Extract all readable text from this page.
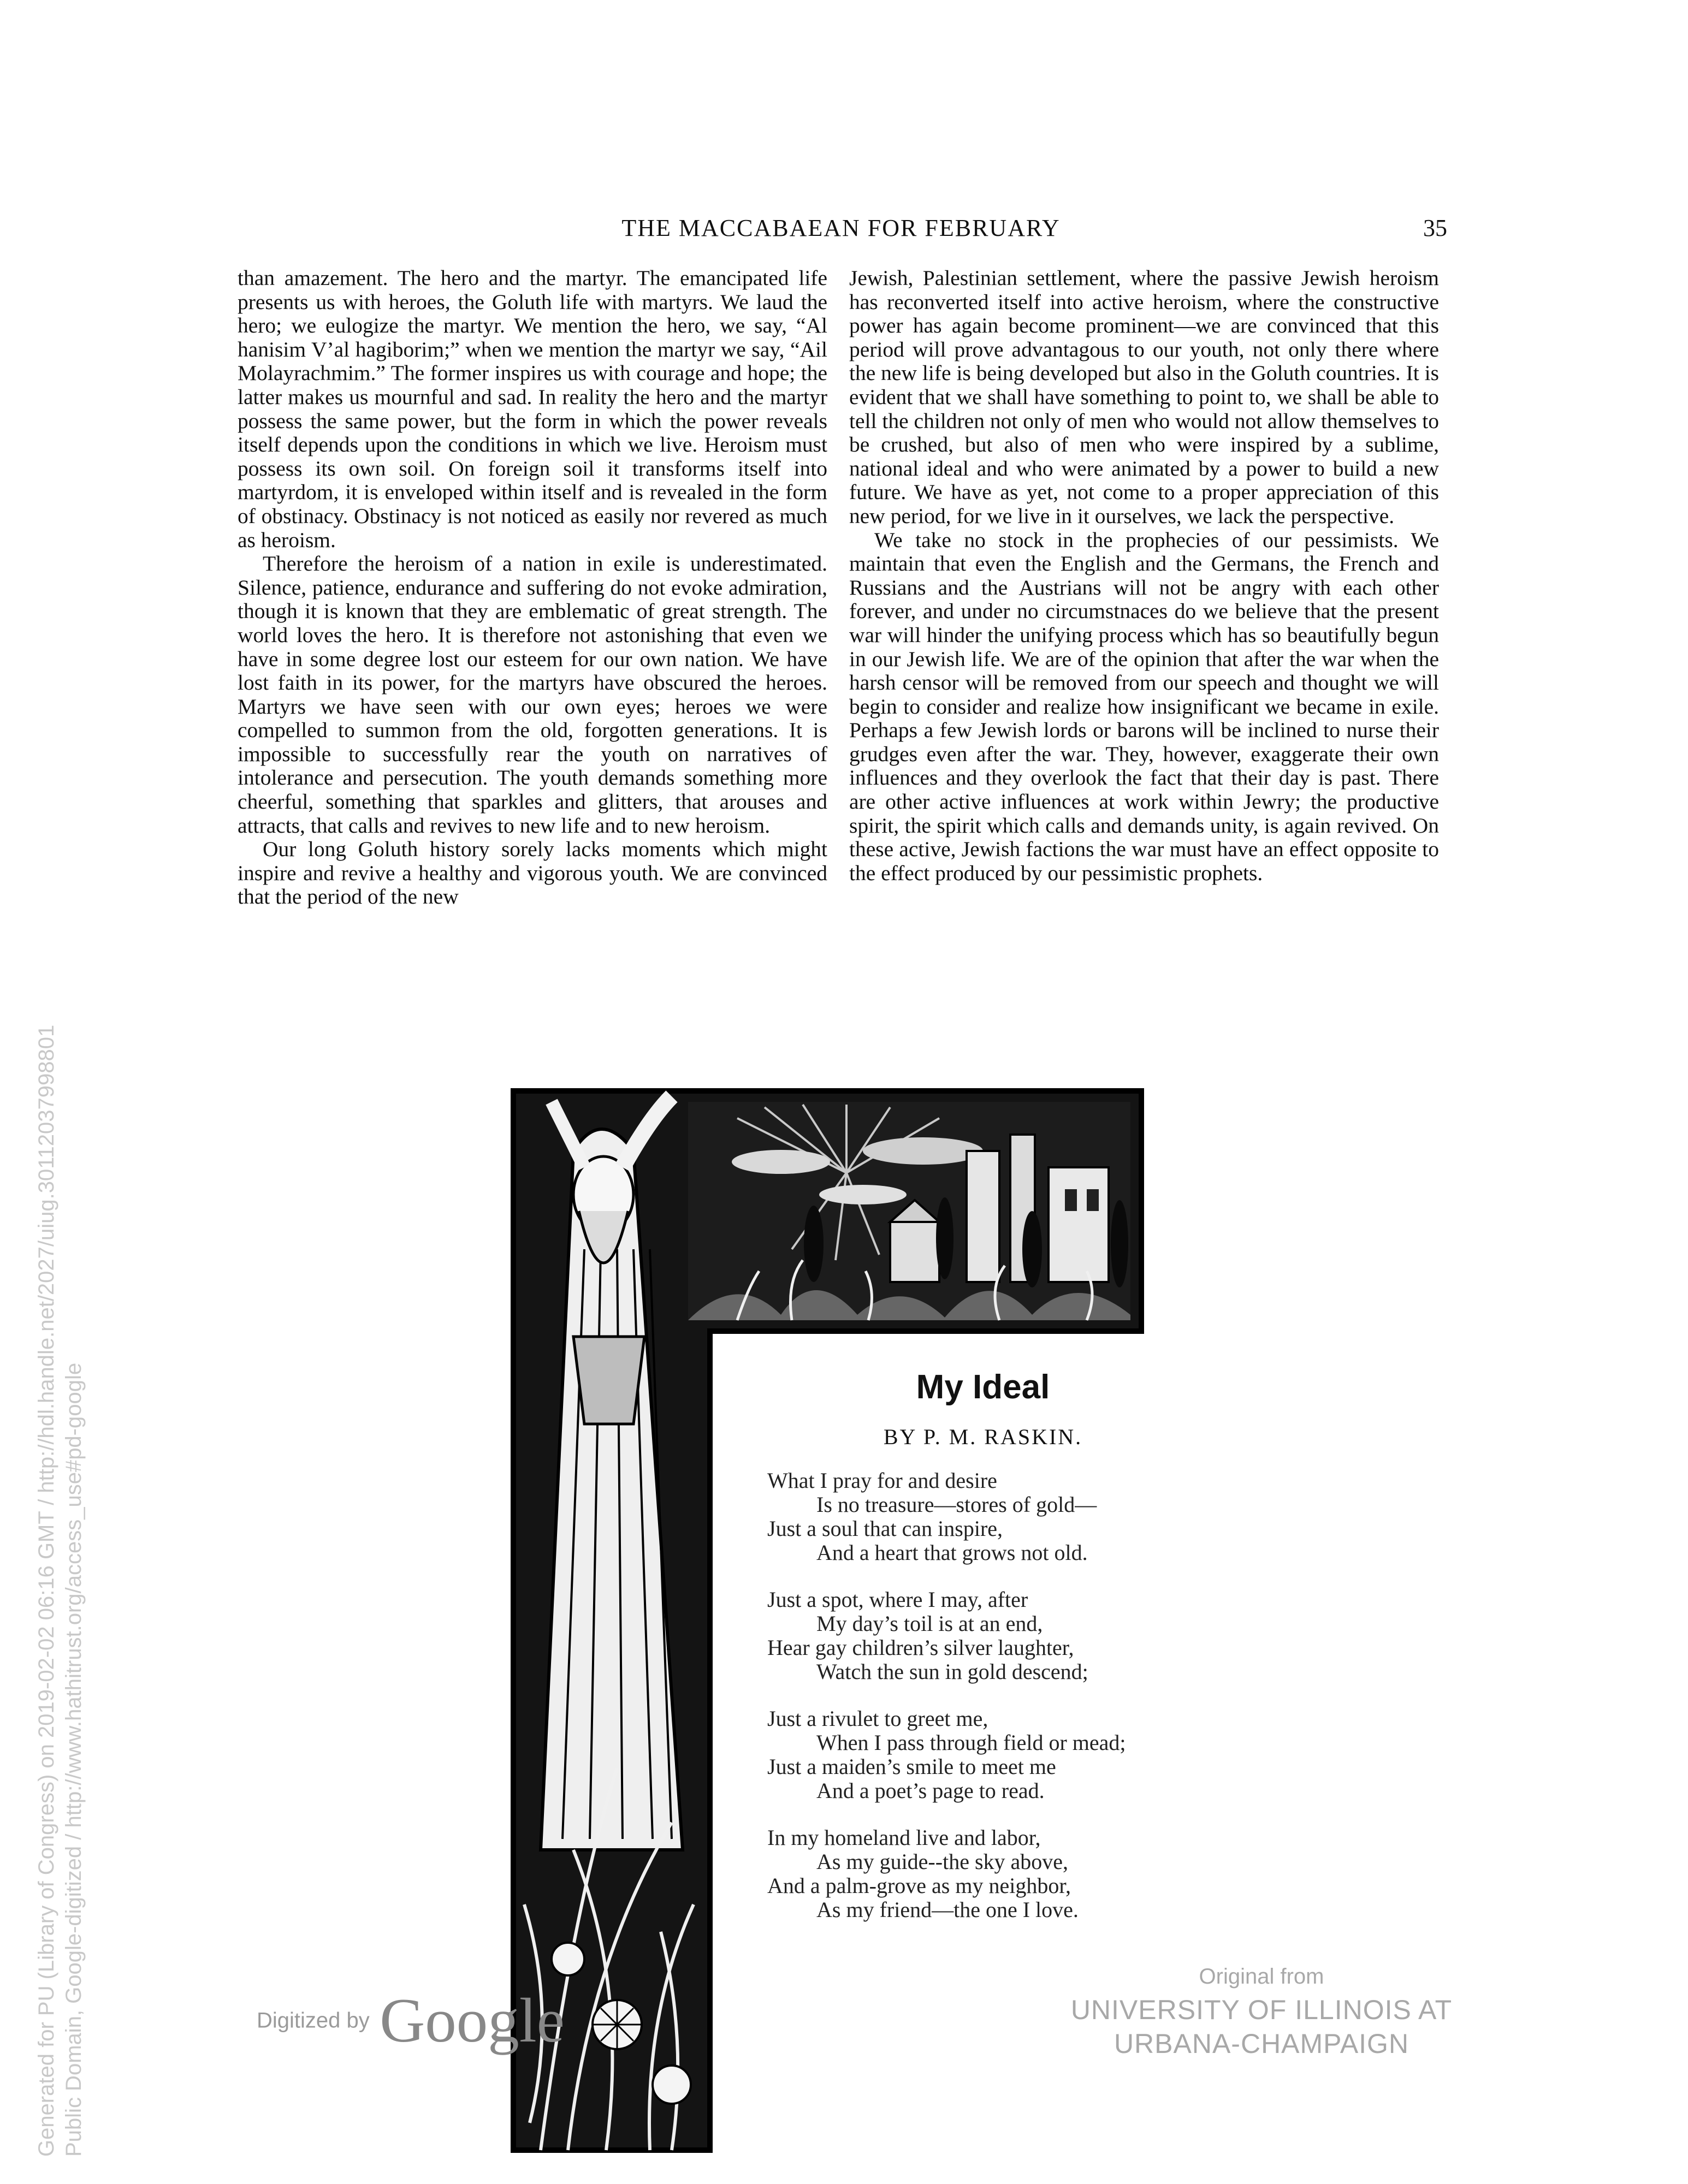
THE MACCABAEAN FOR FEBRUARY	35

than amazement. The hero and the martyr. The emancipated life presents us with heroes, the Goluth life with martyrs. We laud the hero; we eulogize the martyr. We mention the hero, we say, “Al hanisim V’al hagiborim;” when we mention the martyr we say, “Ail Molayrachmim.” The former inspires us with courage and hope; the latter makes us mournful and sad. In reality the hero and the martyr possess the same power, but the form in which the power reveals itself depends upon the conditions in which we live. Heroism must possess its own soil. On foreign soil it transforms itself into martyrdom, it is enveloped within itself and is revealed in the form of obstinacy. Obstinacy is not noticed as easily nor revered as much as heroism.

Therefore the heroism of a nation in exile is underestimated. Silence, patience, endurance and suffering do not evoke admiration, though it is known that they are emblematic of great strength. The world loves the hero. It is therefore not astonishing that even we have in some degree lost our esteem for our own nation. We have lost faith in its power, for the martyrs have obscured the heroes. Martyrs we have seen with our own eyes; heroes we were compelled to summon from the old, forgotten generations. It is impossible to successfully rear the youth on narratives of intolerance and persecution. The youth demands something more cheerful, something that sparkles and glitters, that arouses and attracts, that calls and revives to new life and to new heroism.

Our long Goluth history sorely lacks moments which might inspire and revive a healthy and vigorous youth. We are convinced that the period of the new

Jewish, Palestinian settlement, where the passive Jewish heroism has reconverted itself into active heroism, where the constructive power has again become prominent—we are convinced that this period will prove advantagous to our youth, not only there where the new life is being developed but also in the Goluth countries. It is evident that we shall have something to point to, we shall be able to tell the children not only of men who would not allow themselves to be crushed, but also of men who were inspired by a sublime, national ideal and who were animated by a power to build a new future. We have as yet, not come to a proper appreciation of this new period, for we live in it ourselves, we lack the perspective.

We take no stock in the prophecies of our pessimists. We maintain that even the English and the Germans, the French and Russians and the Austrians will not be angry with each other forever, and under no circumstnaces do we believe that the present war will hinder the unifying process which has so beautifully begun in our Jewish life. We are of the opinion that after the war when the harsh censor will be removed from our speech and thought we will begin to consider and realize how insignificant we became in exile. Perhaps a few Jewish lords or barons will be inclined to nurse their grudges even after the war. They, however, exaggerate their own influences and they overlook the fact that their day is past. There are other active influences at work within Jewry; the productive spirit, the spirit which calls and demands unity, is again revived. On these active, Jewish factions the war must have an effect opposite to the effect produced by our pessimistic prophets.

My Ideal
BY P. M. RASKIN.
What I pray for and desire
Is no treasure—stores of gold—
Just a soul that can inspire,
And a heart that grows not old.
Just a spot, where I may, after
My day’s toil is at an end,
Hear gay children’s silver laughter,
Watch the sun in gold descend;
Just a rivulet to greet me,
When I pass through field or mead;
Just a maiden’s smile to meet me
And a poet’s page to read.
In my homeland live and labor,
As my guide--the sky above,
And a palm-grove as my neighbor,
As my friend—the one I love.
Generated for PU (Library of Congress) on 2019-02-02 06:16 GMT / http://hdl.handle.net/2027/uiug.30112037998801 Public Domain, Google-digitized / http://www.hathitrust.org/access_use#pd-google	Digitized by Google
Original from
UNIVERSITY OF ILLINOIS AT
URBANA-CHAMPAIGN
